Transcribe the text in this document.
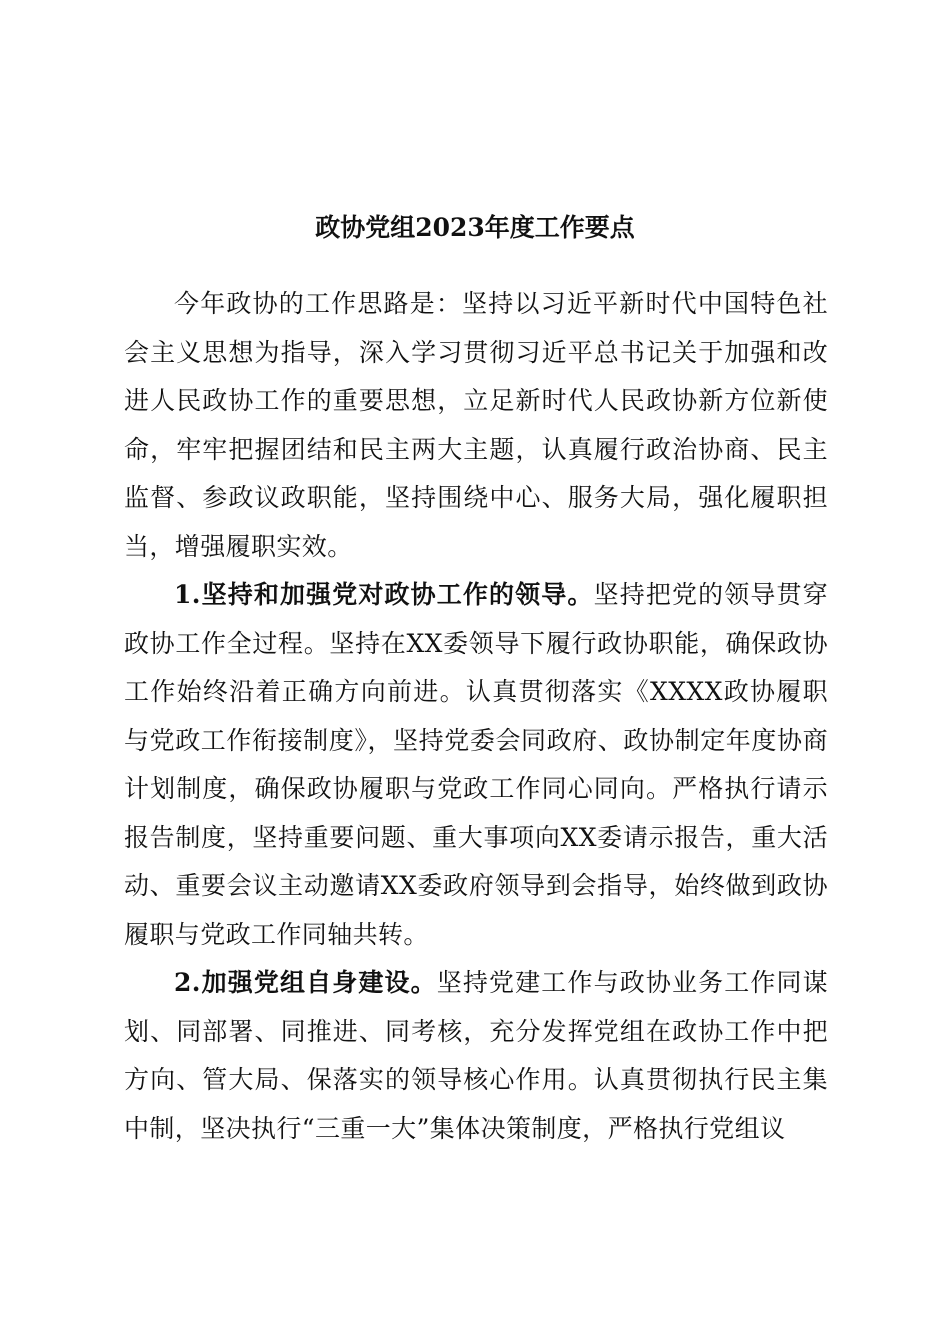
政协党组2023年度工作要点

今年政协的工作思路是：坚持以习近平新时代中国特色社会主义思想为指导，深入学习贯彻习近平总书记关于加强和改进人民政协工作的重要思想，立足新时代人民政协新方位新使命，牢牢把握团结和民主两大主题，认真履行政治协商、民主监督、参政议政职能，坚持围绕中心、服务大局，强化履职担当，增强履职实效。

1.坚持和加强党对政协工作的领导。坚持把党的领导贯穿政协工作全过程。坚持在XX委领导下履行政协职能，确保政协工作始终沿着正确方向前进。认真贯彻落实《XXXX政协履职与党政工作衔接制度》，坚持党委会同政府、政协制定年度协商计划制度，确保政协履职与党政工作同心同向。严格执行请示报告制度，坚持重要问题、重大事项向XX委请示报告，重大活动、重要会议主动邀请XX委政府领导到会指导，始终做到政协履职与党政工作同轴共转。

2.加强党组自身建设。坚持党建工作与政协业务工作同谋划、同部署、同推进、同考核，充分发挥党组在政协工作中把方向、管大局、保落实的领导核心作用。认真贯彻执行民主集中制，坚决执行“三重一大”集体决策制度，严格执行党组议
